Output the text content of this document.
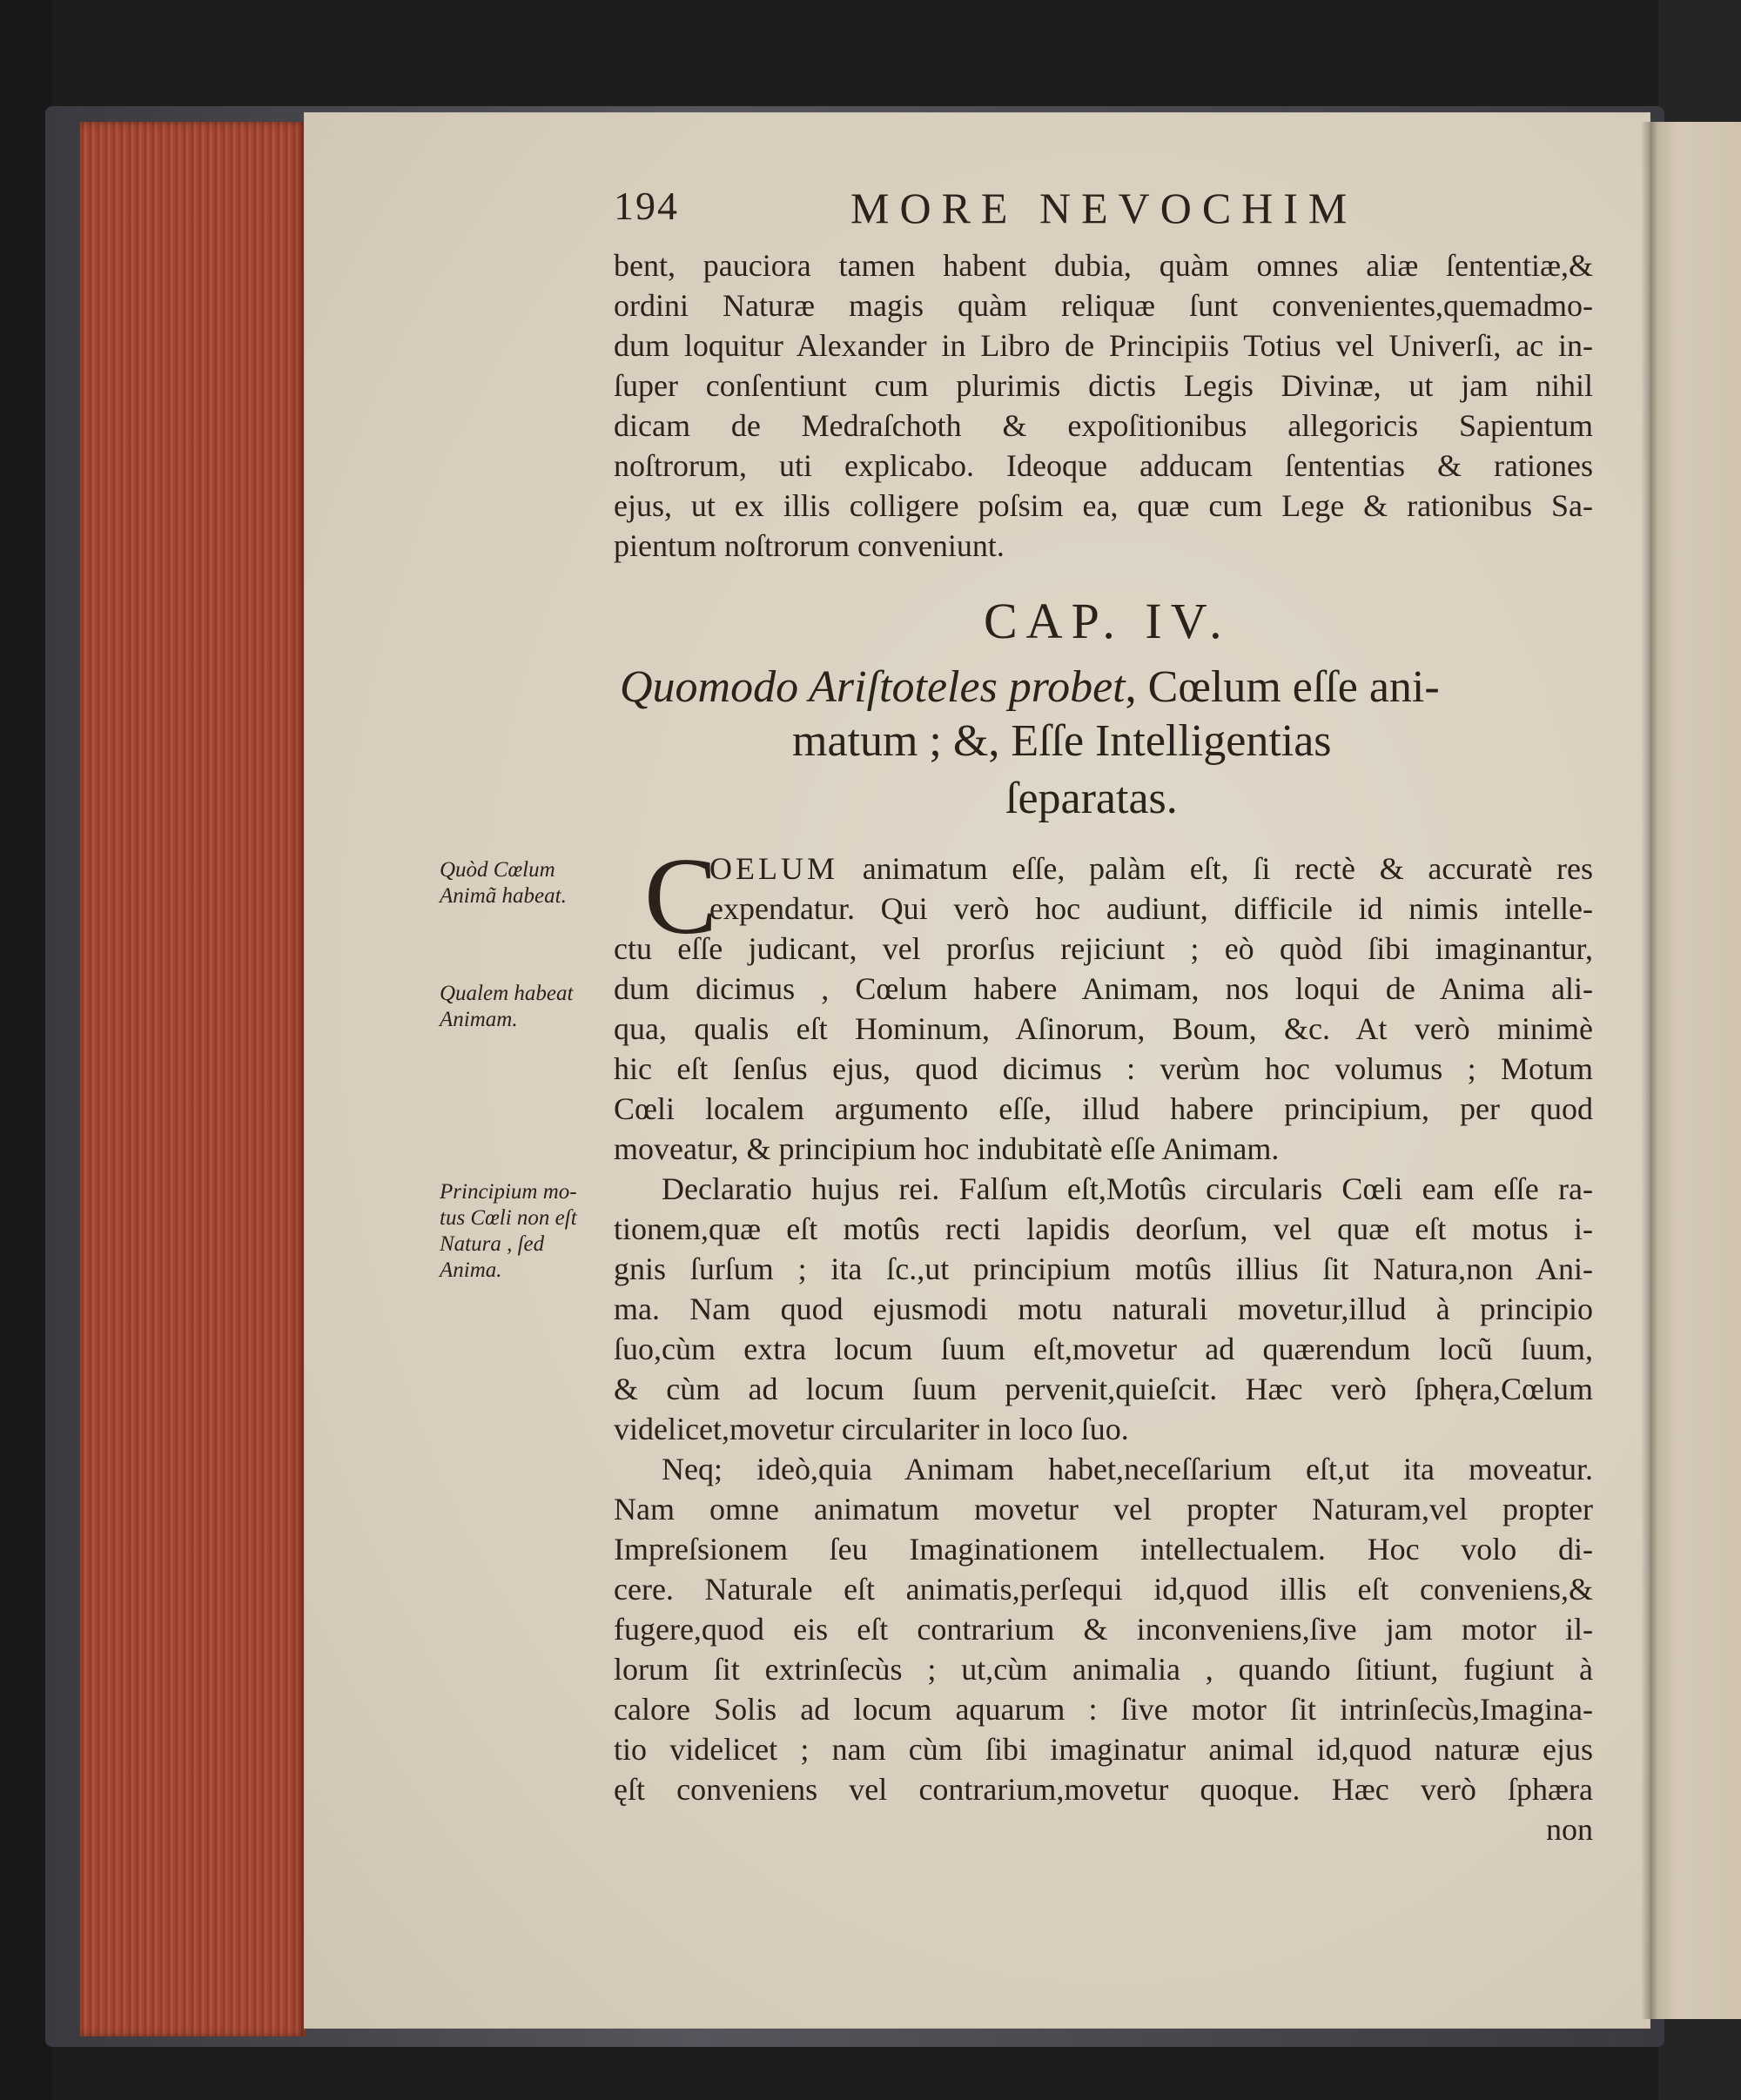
194	MORE NEVOCHIM
bent, pauciora tamen habent dubia, quàm omnes aliæ ſententiæ,&
ordini Naturæ magis quàm reliquæ ſunt convenientes,quemadmo-
dum loquitur Alexander in Libro de Principiis Totius vel Univerſi, ac in-
ſuper conſentiunt cum plurimis dictis Legis Divinæ, ut jam nihil
dicam de Medraſchoth & expoſitionibus allegoricis Sapientum
noſtrorum, uti explicabo. Ideoque adducam ſententias & rationes
ejus, ut ex illis colligere poſsim ea, quæ cum Lege & rationibus Sa-
pientum noſtrorum conveniunt.
CAP. IV.
Quomodo Ariſtoteles probet, Cœlum eſſe ani-
matum ; &, Eſſe Intelligentias
ſeparatas.
C
OELUM animatum eſſe, palàm eſt, ſi rectè & accuratè res
expendatur. Qui verò hoc audiunt, difficile id nimis intelle-
ctu eſſe judicant, vel prorſus rejiciunt ; eò quòd ſibi imaginantur,
dum dicimus , Cœlum habere Animam, nos loqui de Anima ali-
qua, qualis eſt Hominum, Aſinorum, Boum, &c. At verò minimè
hic eſt ſenſus ejus, quod dicimus : verùm hoc volumus ; Motum
Cœli localem argumento eſſe, illud habere principium, per quod
moveatur, & principium hoc indubitatè eſſe Animam.
Declaratio hujus rei. Falſum eſt,Motûs circularis Cœli eam eſſe ra-
tionem,quæ eſt motûs recti lapidis deorſum, vel quæ eſt motus i-
gnis ſurſum ; ita ſc.,ut principium motûs illius ſit Natura,non Ani-
ma. Nam quod ejusmodi motu naturali movetur,illud à principio
ſuo,cùm extra locum ſuum eſt,movetur ad quærendum locũ ſuum,
& cùm ad locum ſuum pervenit,quieſcit. Hæc verò ſphęra,Cœlum
videlicet,movetur circulariter in loco ſuo.
Neq; ideò,quia Animam habet,neceſſarium eſt,ut ita moveatur.
Nam omne animatum movetur vel propter Naturam,vel propter
Impreſsionem ſeu Imaginationem intellectualem. Hoc volo di-
cere. Naturale eſt animatis,perſequi id,quod illis eſt conveniens,&
fugere,quod eis eſt contrarium & inconveniens,ſive jam motor il-
lorum ſit extrinſecùs ; ut,cùm animalia , quando ſitiunt, fugiunt à
calore Solis ad locum aquarum : ſive motor ſit intrinſecùs,Imagina-
tio videlicet ; nam cùm ſibi imaginatur animal id,quod naturæ ejus
ęſt conveniens vel contrarium,movetur quoque. Hæc verò ſphæra
non
Quòd Cœlum
Animã habeat.
Qualem habeat
Animam.
Principium mo-
tus Cœli non eſt
Natura , ſed
Anima.
